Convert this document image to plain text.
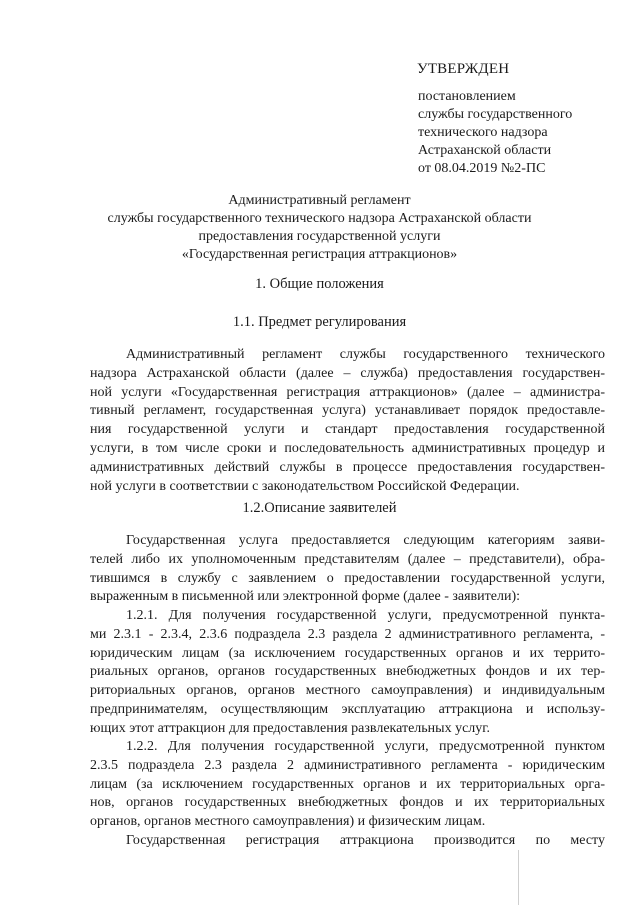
УТВЕРЖДЕН
постановлением
службы государственного
технического надзора
Астраханской области
от 08.04.2019 №2-ПС
Административный регламент
службы государственного технического надзора Астраханской области
предоставления государственной услуги
«Государственная регистрация аттракционов»
1. Общие положения
1.1. Предмет регулирования
Административный регламент службы государственного технического
надзора Астраханской области (далее – служба) предоставления государствен-
ной услуги «Государственная регистрация аттракционов» (далее – администра-
тивный регламент, государственная услуга) устанавливает порядок предоставле-
ния государственной услуги и стандарт предоставления государственной
услуги, в том числе сроки и последовательность административных процедур и
административных действий службы в процессе предоставления государствен-
ной услуги в соответствии с законодательством Российской Федерации.
1.2.Описание заявителей
Государственная услуга предоставляется следующим категориям заяви-
телей либо их уполномоченным представителям (далее – представители), обра-
тившимся в службу с заявлением о предоставлении государственной услуги,
выраженным в письменной или электронной форме (далее - заявители):
1.2.1. Для получения государственной услуги, предусмотренной пункта-
ми 2.3.1 - 2.3.4, 2.3.6 подраздела 2.3 раздела 2 административного регламента, -
юридическим лицам (за исключением государственных органов и их террито-
риальных органов, органов государственных внебюджетных фондов и их тер-
риториальных органов, органов местного самоуправления) и индивидуальным
предпринимателям, осуществляющим эксплуатацию аттракциона и использу-
ющих этот аттракцион для предоставления развлекательных услуг.
1.2.2. Для получения государственной услуги, предусмотренной пунктом
2.3.5 подраздела 2.3 раздела 2 административного регламента - юридическим
лицам (за исключением государственных органов и их территориальных орга-
нов, органов государственных внебюджетных фондов и их территориальных
органов, органов местного самоуправления) и физическим лицам.
Государственная регистрация аттракциона производится по месту
